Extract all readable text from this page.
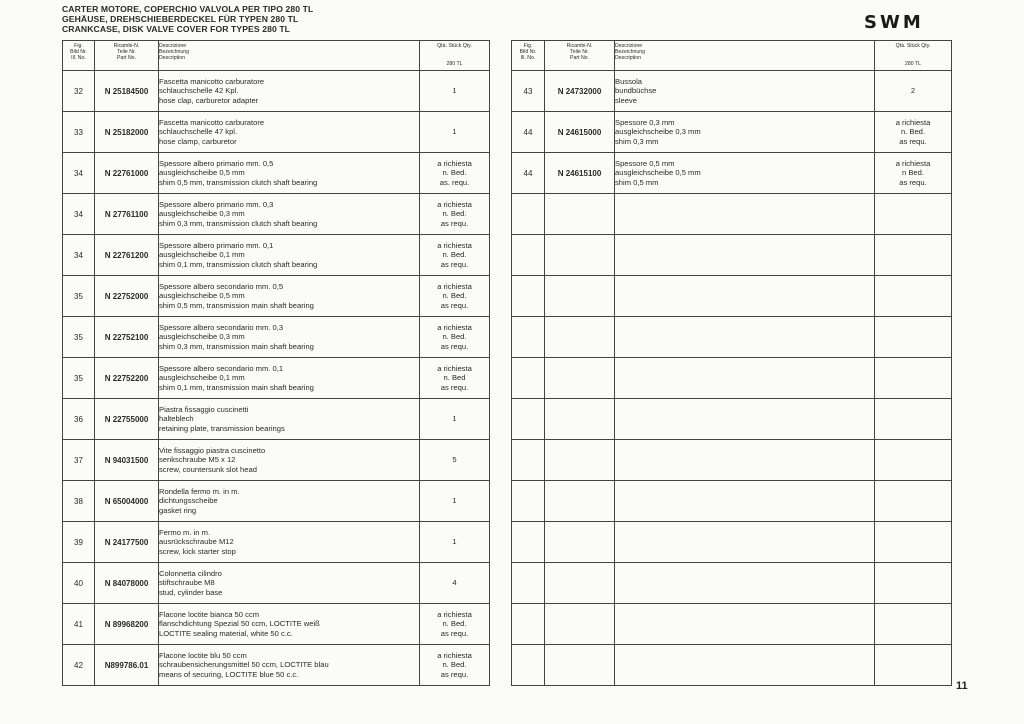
CARTER MOTORE, COPERCHIO VALVOLA PER TIPO 280 TL
GEHÄUSE, DREHSCHIEBERDECKEL FÜR TYPEN 280 TL
CRANKCASE, DISK VALVE COVER FOR TYPES 280 TL	SWM
Fig.
Bild Nr.
Ill. No.	Ricambi-N.
Teile Nr.
Part No.	Descrizione
Bezeichnung
Description	Qtà. Stück Qty.
280 TL

32	N 25184500	Fascetta manicotto carburatore
schlauchschelle 42 Kpl.
hose clap, carburetor adapter	1

33	N 25182000	Fascetta manicotto carburatore
schlauchschelle 47 kpl.
hose clamp, carburetor	1

34	N 22761000	Spessore albero primario mm. 0,5
ausgleichscheibe 0,5 mm
shim 0,5 mm, transmission clutch shaft bearing	a richiesta
n. Bed.
as. requ.

34	N 27761100	Spessore albero primario mm. 0,3
ausgleichscheibe 0,3 mm
shim 0,3 mm, transmission clutch shaft bearing	a richiesta
n. Bed.
as requ.

34	N 22761200	Spessore albero primario mm. 0,1
ausgleichscheibe 0,1 mm
shim 0,1 mm, transmission clutch shaft bearing	a richiesta
n. Bed.
as requ.

35	N 22752000	Spessore albero secondario mm. 0,5
ausgleichscheibe 0,5 mm
shim 0,5 mm, transmission main shaft bearing	a richiesta
n. Bed.
as requ.

35	N 22752100	Spessore albero secondario mm. 0,3
ausgleichscheibe 0,3 mm
shim 0,3 mm, transmission main shaft bearing	a richiesta
n. Bed.
as requ.

35	N 22752200	Spessore albero secondario mm. 0,1
ausgleichscheibe 0,1 mm
shim 0,1 mm, transmission main shaft bearing	a richiesta
n. Bed
as requ.

36	N 22755000	Piastra fissaggio cuscinetti
halteblech
retaining plate, transmission bearings	1

37	N 94031500	Vite fissaggio piastra cuscinetto
senkschraube M5 x 12
screw, countersunk slot head	5

38	N 65004000	Rondella fermo m. in m.
dichtungsscheibe
gasket ring	1

39	N 24177500	Fermo m. in m.
ausrückschraube M12
screw, kick starter stop	1

40	N 84078000	Colonnetta cilindro
stiftschraube M8
stud, cylinder base	4

41	N 89968200	Flacone loctite bianca 50 ccm
flanschdichtung Spezial 50 ccm, LOCTITE weiß
LOCTITE sealing material, white 50 c.c.	a richiesta
n. Bed.
as requ.

42	N899786.01	Flacone loctite blu 50 ccm
schraubensicherungsmittel 50 ccm, LOCTITE blau
means of securing, LOCTITE blue 50 c.c.	a richiesta
n. Bed.
as requ.
Fig.
Bild Nr.
Ill. No.	Ricambi-N.
Teile Nr.
Part No.	Descrizione
Bezeichnung
Description	Qtà. Stück Qty.
280 TL

43	N 24732000	Bussola
bundbüchse
sleeve	2

44	N 24615000	Spessore 0,3 mm
ausgleichscheibe 0,3 mm
shim 0,3 mm	a richiesta
n. Bed.
as requ.

44	N 24615100	Spessore 0,5 mm
ausgleichscheibe 0,5 mm
shim 0,5 mm	a richiesta
n Bed.
as requ.

11
